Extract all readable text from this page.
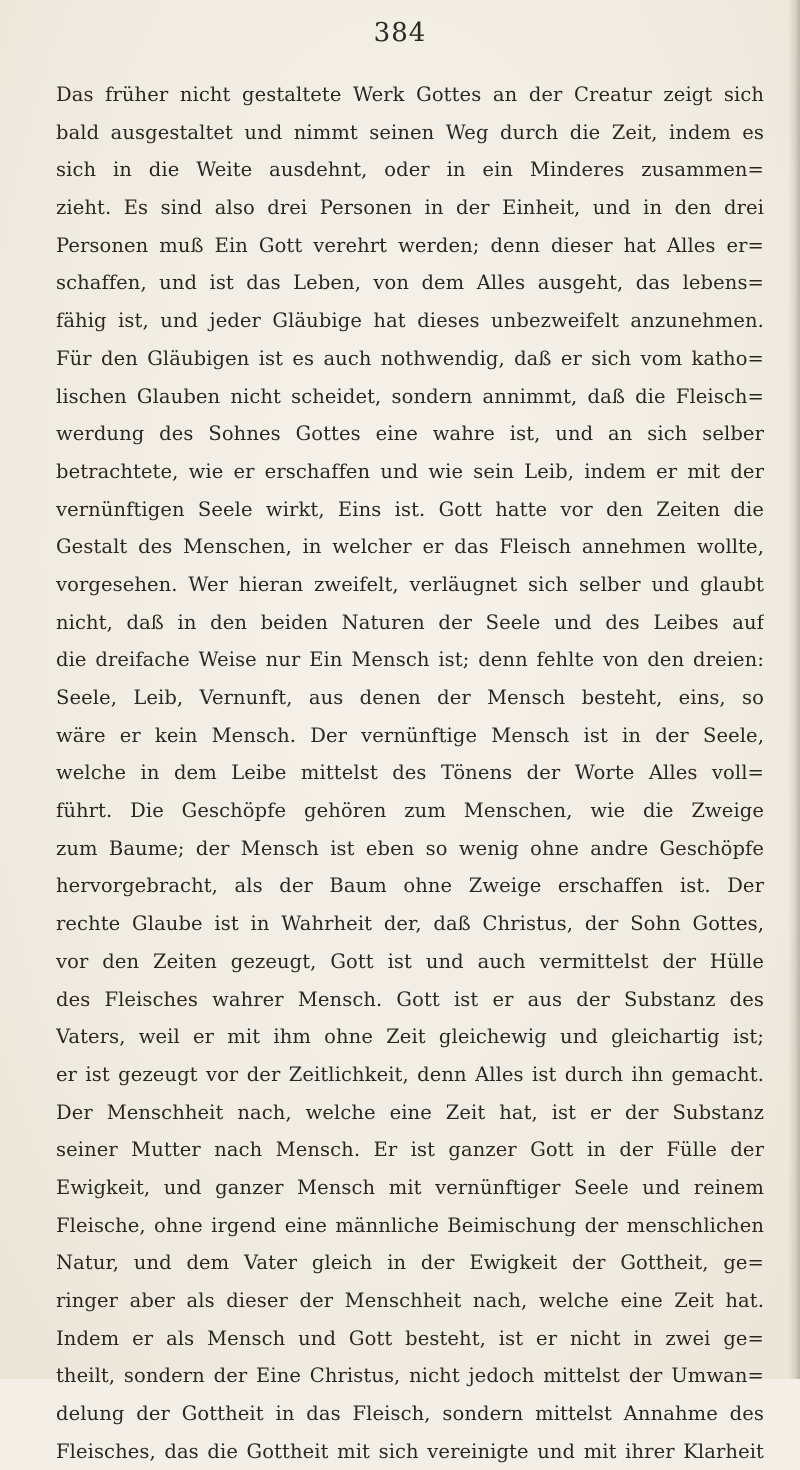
384
Das früher nicht gestaltete Werk Gottes an der Creatur zeigt sich
bald ausgestaltet und nimmt seinen Weg durch die Zeit, indem es
sich in die Weite ausdehnt, oder in ein Minderes zusammen=
zieht. Es sind also drei Personen in der Einheit, und in den drei
Personen muß Ein Gott verehrt werden; denn dieser hat Alles er=
schaffen, und ist das Leben, von dem Alles ausgeht, das lebens=
fähig ist, und jeder Gläubige hat dieses unbezweifelt anzunehmen.
Für den Gläubigen ist es auch nothwendig, daß er sich vom katho=
lischen Glauben nicht scheidet, sondern annimmt, daß die Fleisch=
werdung des Sohnes Gottes eine wahre ist, und an sich selber
betrachtete, wie er erschaffen und wie sein Leib, indem er mit der
vernünftigen Seele wirkt, Eins ist. Gott hatte vor den Zeiten die
Gestalt des Menschen, in welcher er das Fleisch annehmen wollte,
vorgesehen. Wer hieran zweifelt, verläugnet sich selber und glaubt
nicht, daß in den beiden Naturen der Seele und des Leibes auf
die dreifache Weise nur Ein Mensch ist; denn fehlte von den dreien:
Seele, Leib, Vernunft, aus denen der Mensch besteht, eins, so
wäre er kein Mensch. Der vernünftige Mensch ist in der Seele,
welche in dem Leibe mittelst des Tönens der Worte Alles voll=
führt. Die Geschöpfe gehören zum Menschen, wie die Zweige
zum Baume; der Mensch ist eben so wenig ohne andre Geschöpfe
hervorgebracht, als der Baum ohne Zweige erschaffen ist. Der
rechte Glaube ist in Wahrheit der, daß Christus, der Sohn Gottes,
vor den Zeiten gezeugt, Gott ist und auch vermittelst der Hülle
des Fleisches wahrer Mensch. Gott ist er aus der Substanz des
Vaters, weil er mit ihm ohne Zeit gleichewig und gleichartig ist;
er ist gezeugt vor der Zeitlichkeit, denn Alles ist durch ihn gemacht.
Der Menschheit nach, welche eine Zeit hat, ist er der Substanz
seiner Mutter nach Mensch. Er ist ganzer Gott in der Fülle der
Ewigkeit, und ganzer Mensch mit vernünftiger Seele und reinem
Fleische, ohne irgend eine männliche Beimischung der menschlichen
Natur, und dem Vater gleich in der Ewigkeit der Gottheit, ge=
ringer aber als dieser der Menschheit nach, welche eine Zeit hat.
Indem er als Mensch und Gott besteht, ist er nicht in zwei ge=
theilt, sondern der Eine Christus, nicht jedoch mittelst der Umwan=
delung der Gottheit in das Fleisch, sondern mittelst Annahme des
Fleisches, das die Gottheit mit sich vereinigte und mit ihrer Klarheit
